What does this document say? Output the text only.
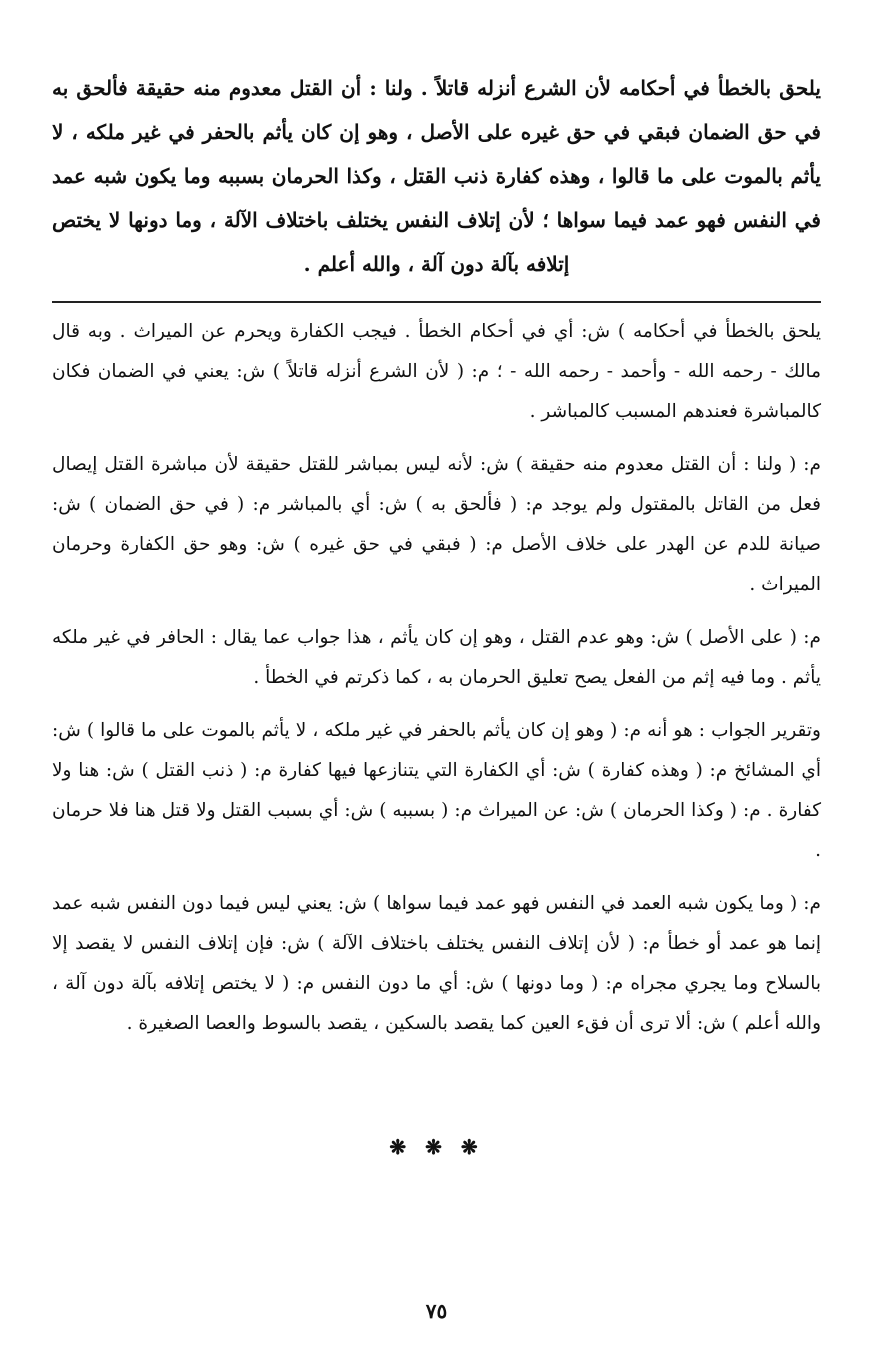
يلحق بالخطأ في أحكامه لأن الشرع أنزله قاتلاً . ولنا : أن القتل معدوم منه حقيقة فألحق به في حق الضمان فبقي في حق غيره على الأصل ، وهو إن كان يأثم بالحفر في غير ملكه ، لا يأثم بالموت على ما قالوا ، وهذه كفارة ذنب القتل ، وكذا الحرمان بسببه وما يكون شبه عمد في النفس فهو عمد فيما سواها ؛ لأن إتلاف النفس يختلف باختلاف الآلة ، وما دونها لا يختص إتلافه بآلة دون آلة ، والله أعلم .

يلحق بالخطأ في أحكامه ) ش: أي في أحكام الخطأ . فيجب الكفارة ويحرم عن الميراث . وبه قال مالك - رحمه الله - وأحمد - رحمه الله - ؛ م: ( لأن الشرع أنزله قاتلاً ) ش: يعني في الضمان فكان كالمباشرة فعندهم المسبب كالمباشر .

م: ( ولنا : أن القتل معدوم منه حقيقة ) ش: لأنه ليس بمباشر للقتل حقيقة لأن مباشرة القتل إيصال فعل من القاتل بالمقتول ولم يوجد م: ( فألحق به ) ش: أي بالمباشر م: ( في حق الضمان ) ش: صيانة للدم عن الهدر على خلاف الأصل م: ( فبقي في حق غيره ) ش: وهو حق الكفارة وحرمان الميراث .

م: ( على الأصل ) ش: وهو عدم القتل ، وهو إن كان يأثم ، هذا جواب عما يقال : الحافر في غير ملكه يأثم . وما فيه إثم من الفعل يصح تعليق الحرمان به ، كما ذكرتم في الخطأ .

وتقرير الجواب : هو أنه م: ( وهو إن كان يأثم بالحفر في غير ملكه ، لا يأثم بالموت على ما قالوا ) ش: أي المشائخ م: ( وهذه كفارة ) ش: أي الكفارة التي يتنازعها فيها كفارة م: ( ذنب القتل ) ش: هنا ولا كفارة . م: ( وكذا الحرمان ) ش: عن الميراث م: ( بسببه ) ش: أي بسبب القتل ولا قتل هنا فلا حرمان .

م: ( وما يكون شبه العمد في النفس فهو عمد فيما سواها ) ش: يعني ليس فيما دون النفس شبه عمد إنما هو عمد أو خطأ م: ( لأن إتلاف النفس يختلف باختلاف الآلة ) ش: فإن إتلاف النفس لا يقصد إلا بالسلاح وما يجري مجراه م: ( وما دونها ) ش: أي ما دون النفس م: ( لا يختص إتلافه بآلة دون آلة ، والله أعلم ) ش: ألا ترى أن فقء العين كما يقصد بالسكين ، يقصد بالسوط والعصا الصغيرة .

❋ ❋ ❋
٧٥
